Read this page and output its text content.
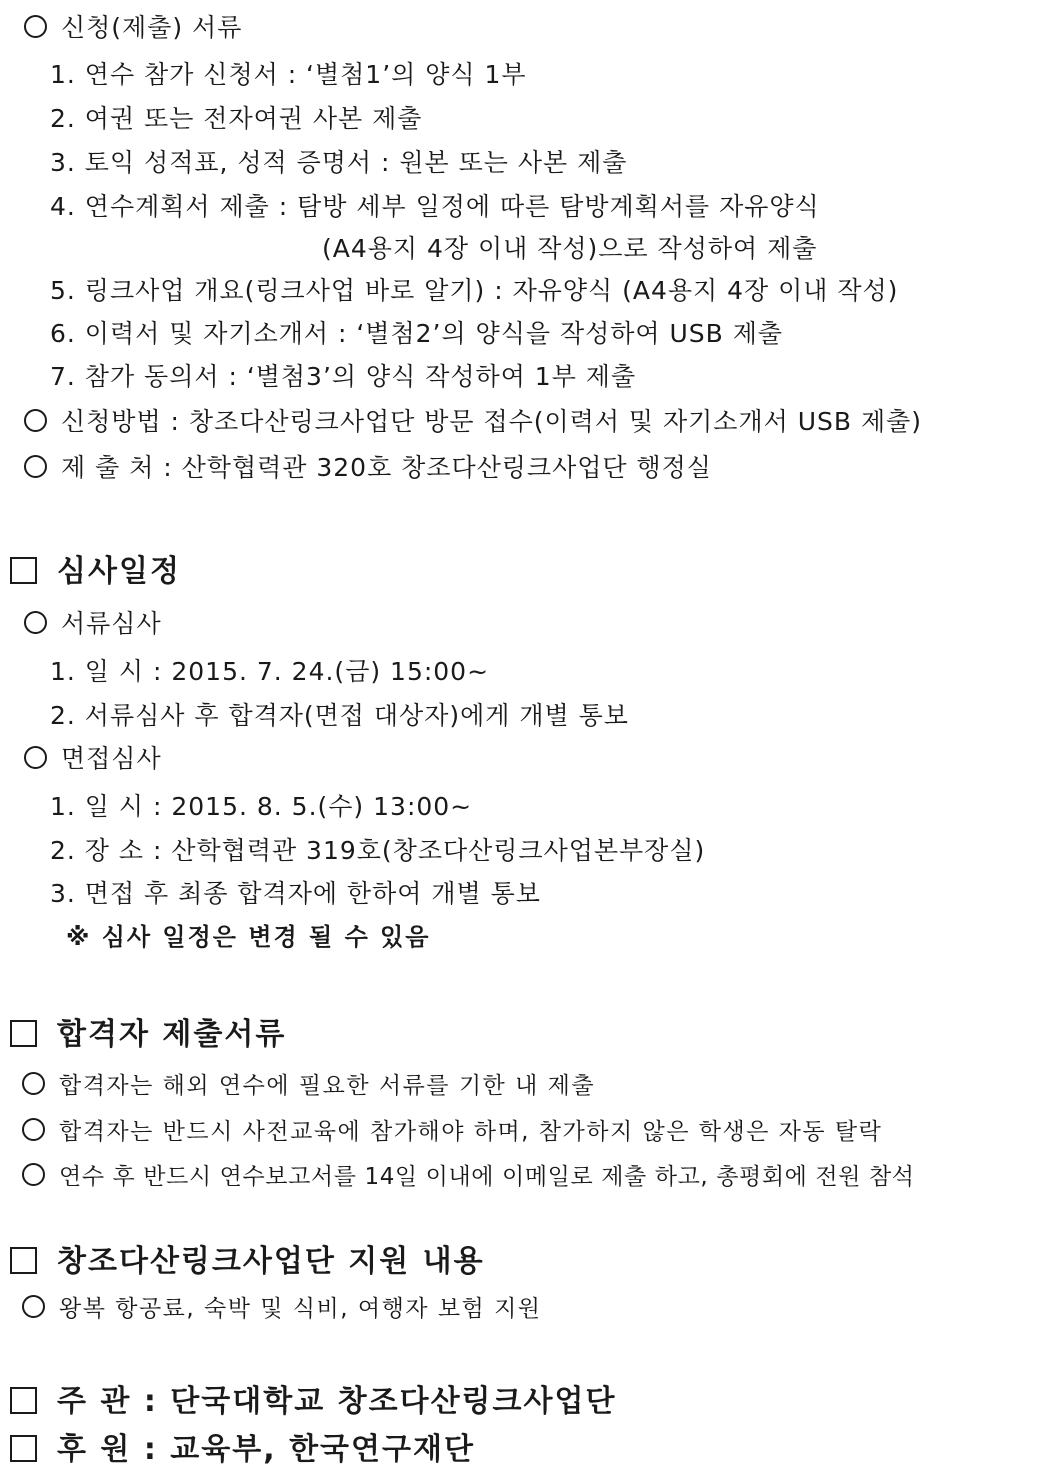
신청(제출) 서류
1. 연수 참가 신청서 : ‘별첨1’의 양식 1부
2. 여권 또는 전자여권 사본 제출
3. 토익 성적표, 성적 증명서 : 원본 또는 사본 제출
4. 연수계획서 제출 : 탐방 세부 일정에 따른 탐방계획서를 자유양식
(A4용지 4장 이내 작성)으로 작성하여 제출
5. 링크사업 개요(링크사업 바로 알기) : 자유양식 (A4용지 4장 이내 작성)
6. 이력서 및 자기소개서 : ‘별첨2’의 양식을 작성하여 USB 제출
7. 참가 동의서 : ‘별첨3’의 양식 작성하여 1부 제출
신청방법 : 창조다산링크사업단 방문 접수(이력서 및 자기소개서 USB 제출)
제 출 처 : 산학협력관 320호 창조다산링크사업단 행정실
심사일정
서류심사
1. 일 시 : 2015. 7. 24.(금) 15:00~
2. 서류심사 후 합격자(면접 대상자)에게 개별 통보
면접심사
1. 일 시 : 2015. 8. 5.(수) 13:00~
2. 장 소 : 산학협력관 319호(창조다산링크사업본부장실)
3. 면접 후 최종 합격자에 한하여 개별 통보
※ 심사 일정은 변경 될 수 있음
합격자 제출서류
합격자는 해외 연수에 필요한 서류를 기한 내 제출
합격자는 반드시 사전교육에 참가해야 하며, 참가하지 않은 학생은 자동 탈락
연수 후 반드시 연수보고서를 14일 이내에 이메일로 제출 하고, 총평회에 전원 참석
창조다산링크사업단 지원 내용
왕복 항공료, 숙박 및 식비, 여행자 보험 지원
주 관 : 단국대학교 창조다산링크사업단
후 원 : 교육부, 한국연구재단
